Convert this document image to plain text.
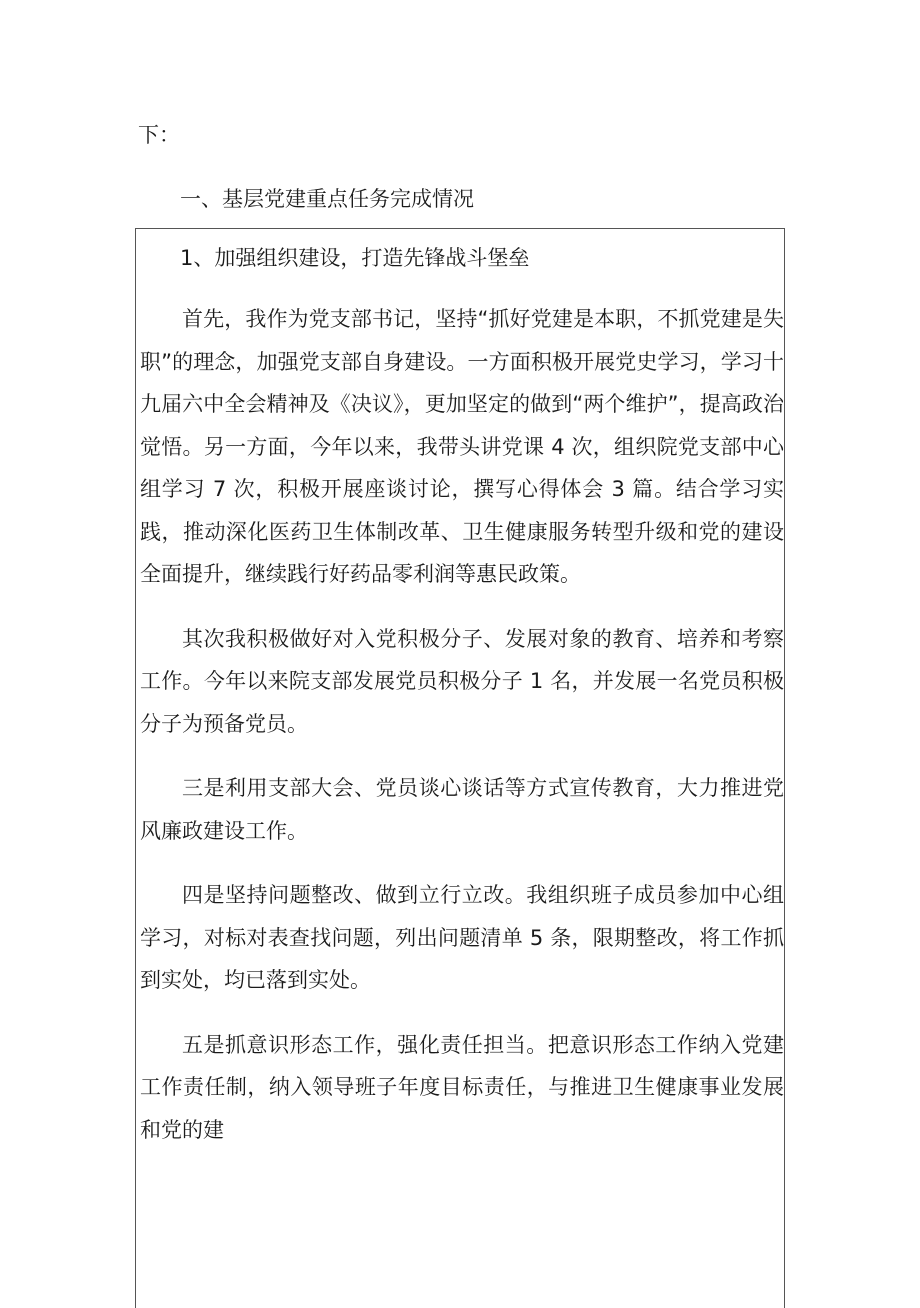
下：
一、基层党建重点任务完成情况

1、加强组织建设，打造先锋战斗堡垒

首先，我作为党支部书记，坚持“抓好党建是本职，不抓党建是失职”的理念，加强党支部自身建设。一方面积极开展党史学习，学习十九届六中全会精神及《决议》，更加坚定的做到“两个维护”，提高政治觉悟。另一方面，今年以来，我带头讲党课 4 次，组织院党支部中心组学习 7 次，积极开展座谈讨论，撰写心得体会 3 篇。结合学习实践，推动深化医药卫生体制改革、卫生健康服务转型升级和党的建设全面提升，继续践行好药品零利润等惠民政策。

其次我积极做好对入党积极分子、发展对象的教育、培养和考察工作。今年以来院支部发展党员积极分子 1 名，并发展一名党员积极分子为预备党员。

三是利用支部大会、党员谈心谈话等方式宣传教育，大力推进党风廉政建设工作。

四是坚持问题整改、做到立行立改。我组织班子成员参加中心组学习，对标对表查找问题，列出问题清单 5 条，限期整改，将工作抓到实处，均已落到实处。

五是抓意识形态工作，强化责任担当。把意识形态工作纳入党建工作责任制，纳入领导班子年度目标责任，与推进卫生健康事业发展和党的建
